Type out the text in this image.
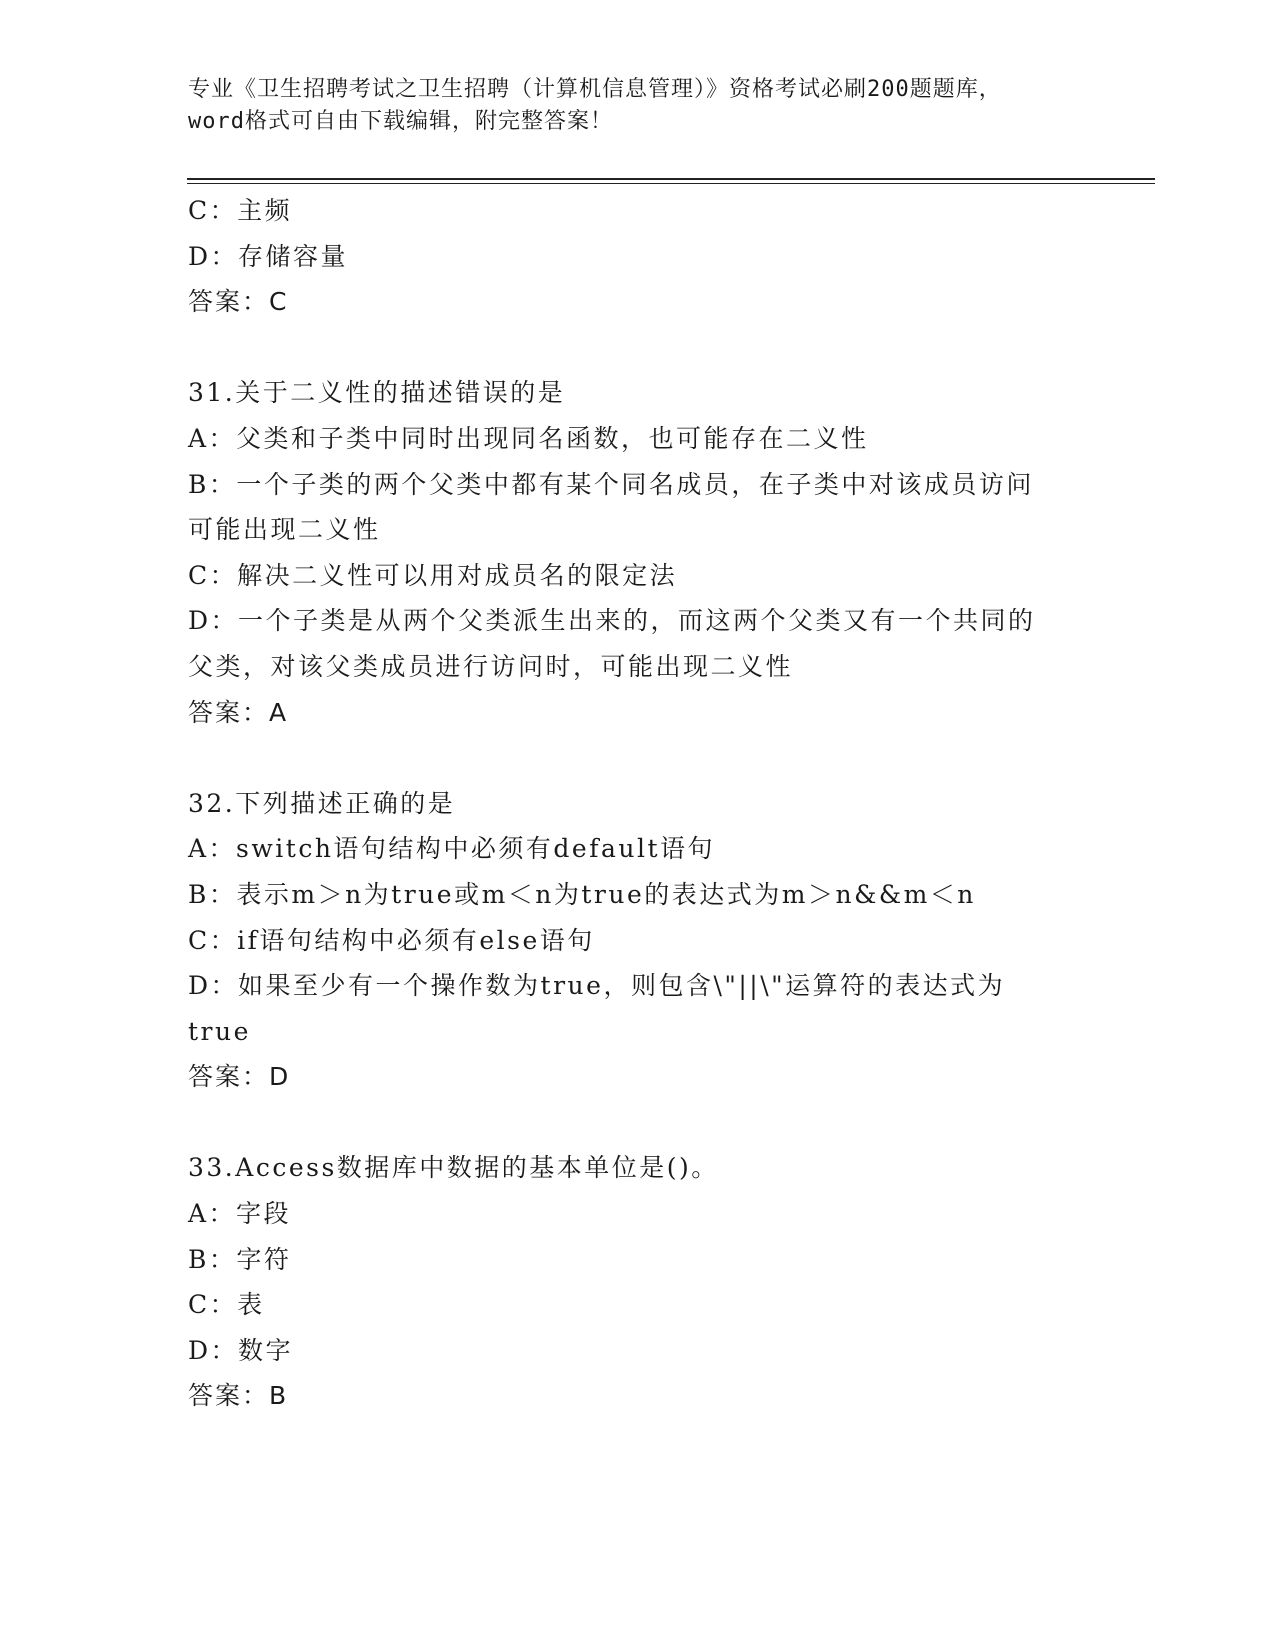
专业《卫生招聘考试之卫生招聘（计算机信息管理）》资格考试必刷200题题库，
word格式可自由下载编辑，附完整答案！
C：主频
D：存储容量
答案：C
31.关于二义性的描述错误的是
A：父类和子类中同时出现同名函数，也可能存在二义性
B：一个子类的两个父类中都有某个同名成员，在子类中对该成员访问
可能出现二义性
C：解决二义性可以用对成员名的限定法
D：一个子类是从两个父类派生出来的，而这两个父类又有一个共同的
父类，对该父类成员进行访问时，可能出现二义性
答案：A
32.下列描述正确的是
A：switch语句结构中必须有default语句
B：表示m＞n为true或m＜n为true的表达式为m＞n&&m＜n
C：if语句结构中必须有else语句
D：如果至少有一个操作数为true，则包含\"||\"运算符的表达式为
true
答案：D
33.Access数据库中数据的基本单位是()。
A：字段
B：字符
C：表
D：数字
答案：B
